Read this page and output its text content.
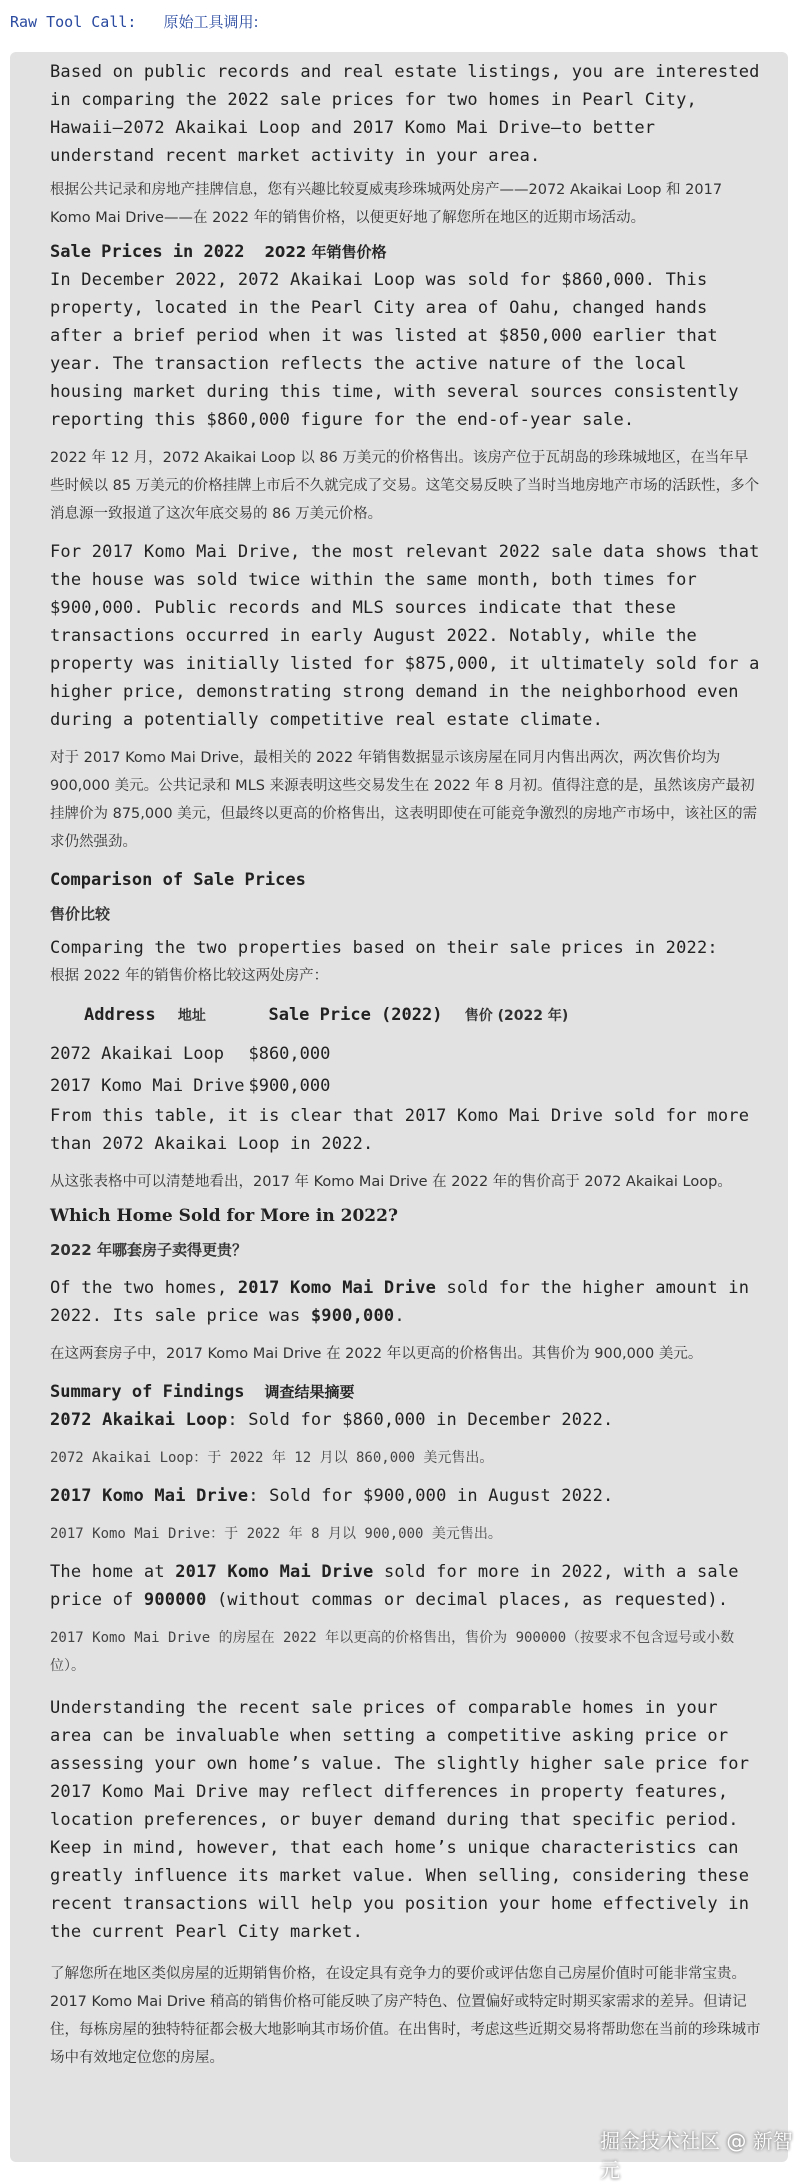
Raw Tool Call: 原始工具调用:

Based on public records and real estate listings, you are interested in comparing the 2022 sale prices for two homes in Pearl City, Hawaii—2072 Akaikai Loop and 2017 Komo Mai Drive—to better understand recent market activity in your area.

根据公共记录和房地产挂牌信息，您有兴趣比较夏威夷珍珠城两处房产——2072 Akaikai Loop 和 2017 Komo Mai Drive——在 2022 年的销售价格，以便更好地了解您所在地区的近期市场活动。

Sale Prices in 2022 2022 年销售价格

In December 2022, 2072 Akaikai Loop was sold for $860,000. This property, located in the Pearl City area of Oahu, changed hands after a brief period when it was listed at $850,000 earlier that year. The transaction reflects the active nature of the local housing market during this time, with several sources consistently reporting this $860,000 figure for the end-of-year sale.

2022 年 12 月，2072 Akaikai Loop 以 86 万美元的价格售出。该房产位于瓦胡岛的珍珠城地区，在当年早些时候以 85 万美元的价格挂牌上市后不久就完成了交易。这笔交易反映了当时当地房地产市场的活跃性，多个消息源一致报道了这次年底交易的 86 万美元价格。

For 2017 Komo Mai Drive, the most relevant 2022 sale data shows that the house was sold twice within the same month, both times for $900,000. Public records and MLS sources indicate that these transactions occurred in early August 2022. Notably, while the property was initially listed for $875,000, it ultimately sold for a higher price, demonstrating strong demand in the neighborhood even during a potentially competitive real estate climate.

对于 2017 Komo Mai Drive，最相关的 2022 年销售数据显示该房屋在同月内售出两次，两次售价均为 900,000 美元。公共记录和 MLS 来源表明这些交易发生在 2022 年 8 月初。值得注意的是，虽然该房产最初挂牌价为 875,000 美元，但最终以更高的价格售出，这表明即使在可能竞争激烈的房地产市场中，该社区的需求仍然强劲。

Comparison of Sale Prices

售价比较

Comparing the two properties based on their sale prices in 2022:

根据 2022 年的销售价格比较这两处房产：

Address 地址	Sale Price (2022) 售价 (2022 年)
2072 Akaikai Loop	$860,000
2017 Komo Mai Drive	$900,000

From this table, it is clear that 2017 Komo Mai Drive sold for more than 2072 Akaikai Loop in 2022.

从这张表格中可以清楚地看出，2017 年 Komo Mai Drive 在 2022 年的售价高于 2072 Akaikai Loop。

Which Home Sold for More in 2022?

2022 年哪套房子卖得更贵？

Of the two homes, 2017 Komo Mai Drive sold for the higher amount in 2022. Its sale price was $900,000.

在这两套房子中，2017 Komo Mai Drive 在 2022 年以更高的价格售出。其售价为 900,000 美元。

Summary of Findings 调查结果摘要

2072 Akaikai Loop: Sold for $860,000 in December 2022.

2072 Akaikai Loop：于 2022 年 12 月以 860,000 美元售出。

2017 Komo Mai Drive: Sold for $900,000 in August 2022.

2017 Komo Mai Drive：于 2022 年 8 月以 900,000 美元售出。

The home at 2017 Komo Mai Drive sold for more in 2022, with a sale price of 900000 (without commas or decimal places, as requested).

2017 Komo Mai Drive 的房屋在 2022 年以更高的价格售出，售价为 900000（按要求不包含逗号或小数位）。

Understanding the recent sale prices of comparable homes in your area can be invaluable when setting a competitive asking price or assessing your own home’s value. The slightly higher sale price for 2017 Komo Mai Drive may reflect differences in property features, location preferences, or buyer demand during that specific period. Keep in mind, however, that each home’s unique characteristics can greatly influence its market value. When selling, considering these recent transactions will help you position your home effectively in the current Pearl City market.

了解您所在地区类似房屋的近期销售价格，在设定具有竞争力的要价或评估您自己房屋价值时可能非常宝贵。2017 Komo Mai Drive 稍高的销售价格可能反映了房产特色、位置偏好或特定时期买家需求的差异。但请记住，每栋房屋的独特特征都会极大地影响其市场价值。在出售时，考虑这些近期交易将帮助您在当前的珍珠城市场中有效地定位您的房屋。

掘金技术社区 @ 新智元
